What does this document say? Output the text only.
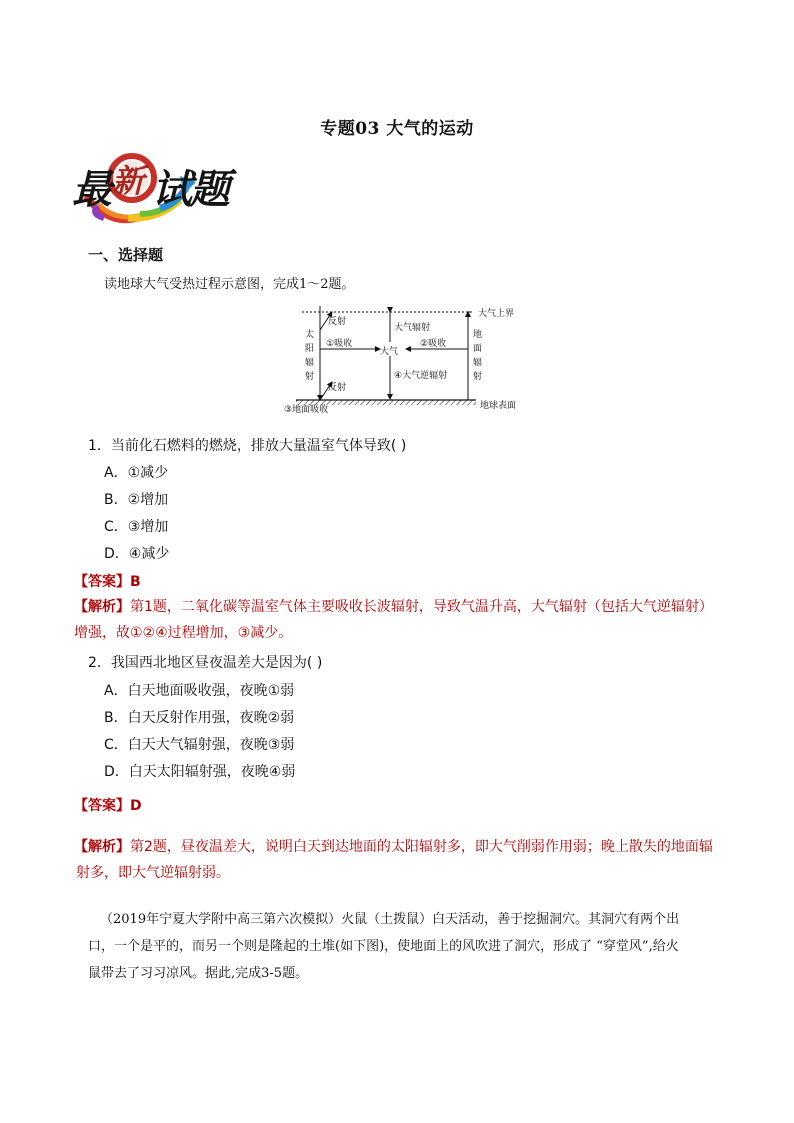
专题03 大气的运动
最 新 试
题
一、选择题
读地球大气受热过程示意图，完成1～2题。
反射
反射
①吸收
大气
②吸收
大气辐射
④大气逆辐射
③地面吸收
大气上界
地球表面
太阳辐射
地面辐射
1．当前化石燃料的燃烧，排放大量温室气体导致( )
A．①减少
B．②增加
C．③增加
D．④减少
【答案】B
【解析】第1题，二氧化碳等温室气体主要吸收长波辐射，导致气温升高，大气辐射（包括大气逆辐射）
增强，故①②④过程增加，③减少。
2．我国西北地区昼夜温差大是因为( )
A．白天地面吸收强，夜晚①弱
B．白天反射作用强，夜晚②弱
C．白天大气辐射强，夜晚③弱
D．白天太阳辐射强，夜晚④弱
【答案】D
【解析】第2题，昼夜温差大，说明白天到达地面的太阳辐射多，即大气削弱作用弱；晚上散失的地面辐
射多，即大气逆辐射弱。
（2019年宁夏大学附中高三第六次模拟）火鼠（土拨鼠）白天活动，善于挖掘洞穴。其洞穴有两个出
口，一个是平的，而另一个则是隆起的土堆(如下图)，使地面上的风吹进了洞穴，形成了 “穿堂风”,给火
鼠带去了习习凉风。据此,完成3-5题。
